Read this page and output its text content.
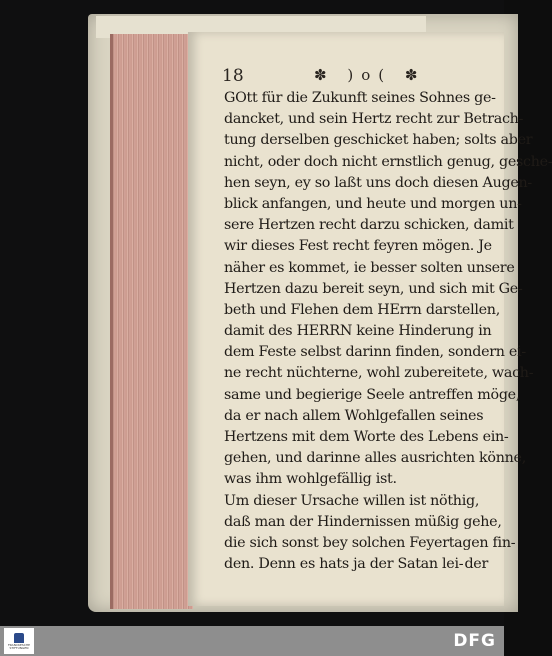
18	✽ )o( ✽
GOtt für die Zukunft seines Sohnes ge-
dancket, und sein Hertz recht zur Betrach-
tung derselben geschicket haben; solts aber
nicht, oder doch nicht ernstlich genug, gesche-
hen seyn, ey so laßt uns doch diesen Augen-
blick anfangen, und heute und morgen un-
sere Hertzen recht darzu schicken, damit
wir dieses Fest recht feyren mögen. Je
näher es kommet, ie besser solten unsere
Hertzen dazu bereit seyn, und sich mit Ge-
beth und Flehen dem HErrn darstellen,
damit des HERRN keine Hinderung in
dem Feste selbst darinn finden, sondern ei-
ne recht nüchterne, wohl zubereitete, wach-
same und begierige Seele antreffen möge,
da er nach allem Wohlgefallen seines
Hertzens mit dem Worte des Lebens ein-
gehen, und darinne alles ausrichten könne,
was ihm wohlgefällig ist.
Um dieser Ursache willen ist nöthig,
daß man der Hindernissen müßig gehe,
die sich sonst bey solchen Feyertagen fin-
den. Denn es hats ja der Satan lei- der
FRANCKESCHE STIFTUNGEN	DFG
